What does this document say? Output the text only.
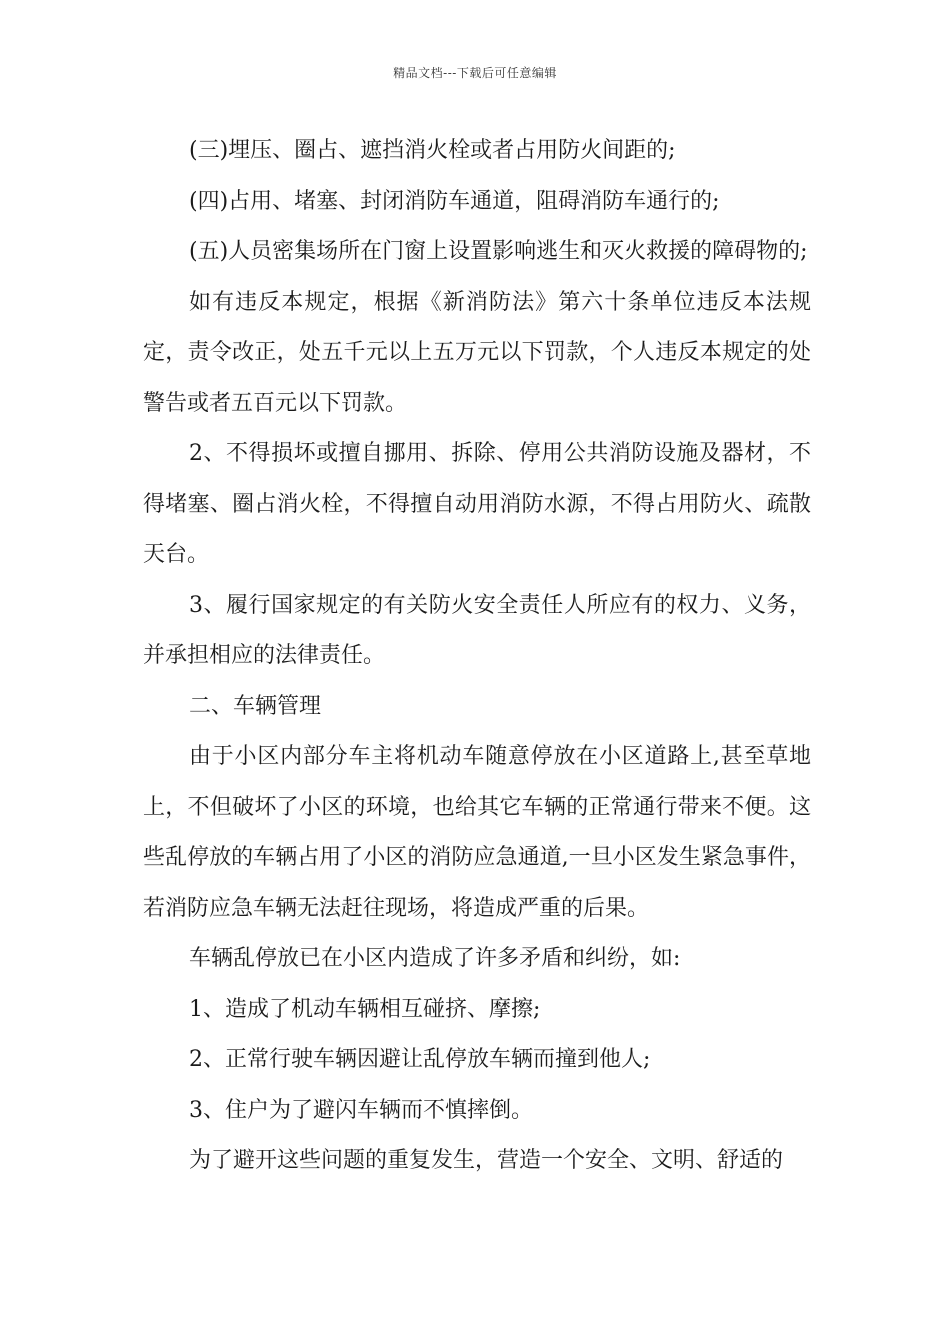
精品文档---下载后可任意编辑

(三)埋压、圈占、遮挡消火栓或者占用防火间距的;

(四)占用、堵塞、封闭消防车通道，阻碍消防车通行的;

(五)人员密集场所在门窗上设置影响逃生和灭火救援的障碍物的;

如有违反本规定，根据《新消防法》第六十条单位违反本法规定，责令改正，处五千元以上五万元以下罚款，个人违反本规定的处警告或者五百元以下罚款。

2、不得损坏或擅自挪用、拆除、停用公共消防设施及器材，不得堵塞、圈占消火栓，不得擅自动用消防水源，不得占用防火、疏散天台。

3、履行国家规定的有关防火安全责任人所应有的权力、义务，并承担相应的法律责任。

二、车辆管理

由于小区内部分车主将机动车随意停放在小区道路上,甚至草地上，不但破坏了小区的环境，也给其它车辆的正常通行带来不便。这些乱停放的车辆占用了小区的消防应急通道,一旦小区发生紧急事件，若消防应急车辆无法赶往现场，将造成严重的后果。

车辆乱停放已在小区内造成了许多矛盾和纠纷，如:

1、造成了机动车辆相互碰挤、摩擦;

2、正常行驶车辆因避让乱停放车辆而撞到他人;

3、住户为了避闪车辆而不慎摔倒。

为了避开这些问题的重复发生，营造一个安全、文明、舒适的
